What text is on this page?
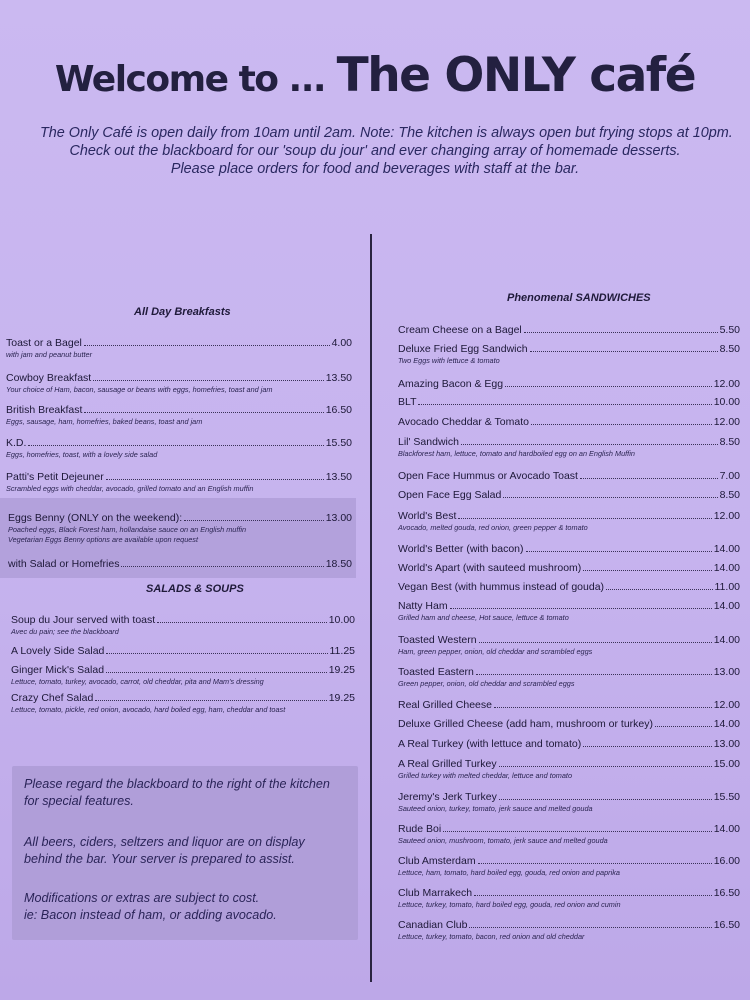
Welcome to ... The ONLY café
The Only Café is open daily from 10am until 2am. Note: The kitchen is always open but frying stops at 10pm.
Check out the blackboard for our 'soup du jour' and ever changing array of homemade desserts.
Please place orders for food and beverages with staff at the bar.
All Day Breakfasts
Toast or a Bagel	4.00
with jam and peanut butter
Cowboy Breakfast	13.50
Your choice of Ham, bacon, sausage or beans with eggs, homefries, toast and jam
British Breakfast	16.50
Eggs, sausage, ham, homefries, baked beans, toast and jam
K.D.	15.50
Eggs, homefries, toast, with a lovely side salad
Patti's Petit Dejeuner	13.50
Scrambled eggs with cheddar, avocado, grilled tomato and an English muffin
Eggs Benny (ONLY on the weekend):	13.00
Poached eggs, Black Forest ham, hollandaise sauce on an English muffin
Vegetarian Eggs Benny options are available upon request
with Salad or Homefries	18.50
SALADS & SOUPS
Soup du Jour served with toast	10.00
Avec du pain; see the blackboard
A Lovely Side Salad	11.25
Ginger Mick's Salad	19.25
Lettuce, tomato, turkey, avocado, carrot, old cheddar, pita and Mam's dressing
Crazy Chef Salad	19.25
Lettuce, tomato, pickle, red onion, avocado, hard boiled egg, ham, cheddar and toast
Please regard the blackboard to the right of the kitchen
for special features.
All beers, ciders, seltzers and liquor are on display
behind the bar. Your server is prepared to assist.
Modifications or extras are subject to cost.
ie: Bacon instead of ham, or adding avocado.
Phenomenal SANDWICHES
Cream Cheese on a Bagel	5.50
Deluxe Fried Egg Sandwich	8.50
Two Eggs with lettuce & tomato
Amazing Bacon & Egg	12.00
BLT	10.00
Avocado Cheddar & Tomato	12.00
Lil' Sandwich	8.50
Blackforest ham, lettuce, tomato and hardboiled egg on an English Muffin
Open Face Hummus or Avocado Toast	7.00
Open Face Egg Salad	8.50
World's Best	12.00
Avocado, melted gouda, red onion, green pepper & tomato
World's Better (with bacon)	14.00
World's Apart (with sauteed mushroom)	14.00
Vegan Best (with hummus instead of gouda)	11.00
Natty Ham	14.00
Grilled ham and cheese, Hot sauce, lettuce & tomato
Toasted Western	14.00
Ham, green pepper, onion, old cheddar and scrambled eggs
Toasted Eastern	13.00
Green pepper, onion, old cheddar and scrambled eggs
Real Grilled Cheese	12.00
Deluxe Grilled Cheese (add ham, mushroom or turkey)	14.00
A Real Turkey (with lettuce and tomato)	13.00
A Real Grilled Turkey	15.00
Grilled turkey with melted cheddar, lettuce and tomato
Jeremy's Jerk Turkey	15.50
Sauteed onion, turkey, tomato, jerk sauce and melted gouda
Rude Boi	14.00
Sauteed onion, mushroom, tomato, jerk sauce and melted gouda
Club Amsterdam	16.00
Lettuce, ham, tomato, hard boiled egg, gouda, red onion and paprika
Club Marrakech	16.50
Lettuce, turkey, tomato, hard boiled egg, gouda, red onion and cumin
Canadian Club	16.50
Lettuce, turkey, tomato, bacon, red onion and old cheddar
